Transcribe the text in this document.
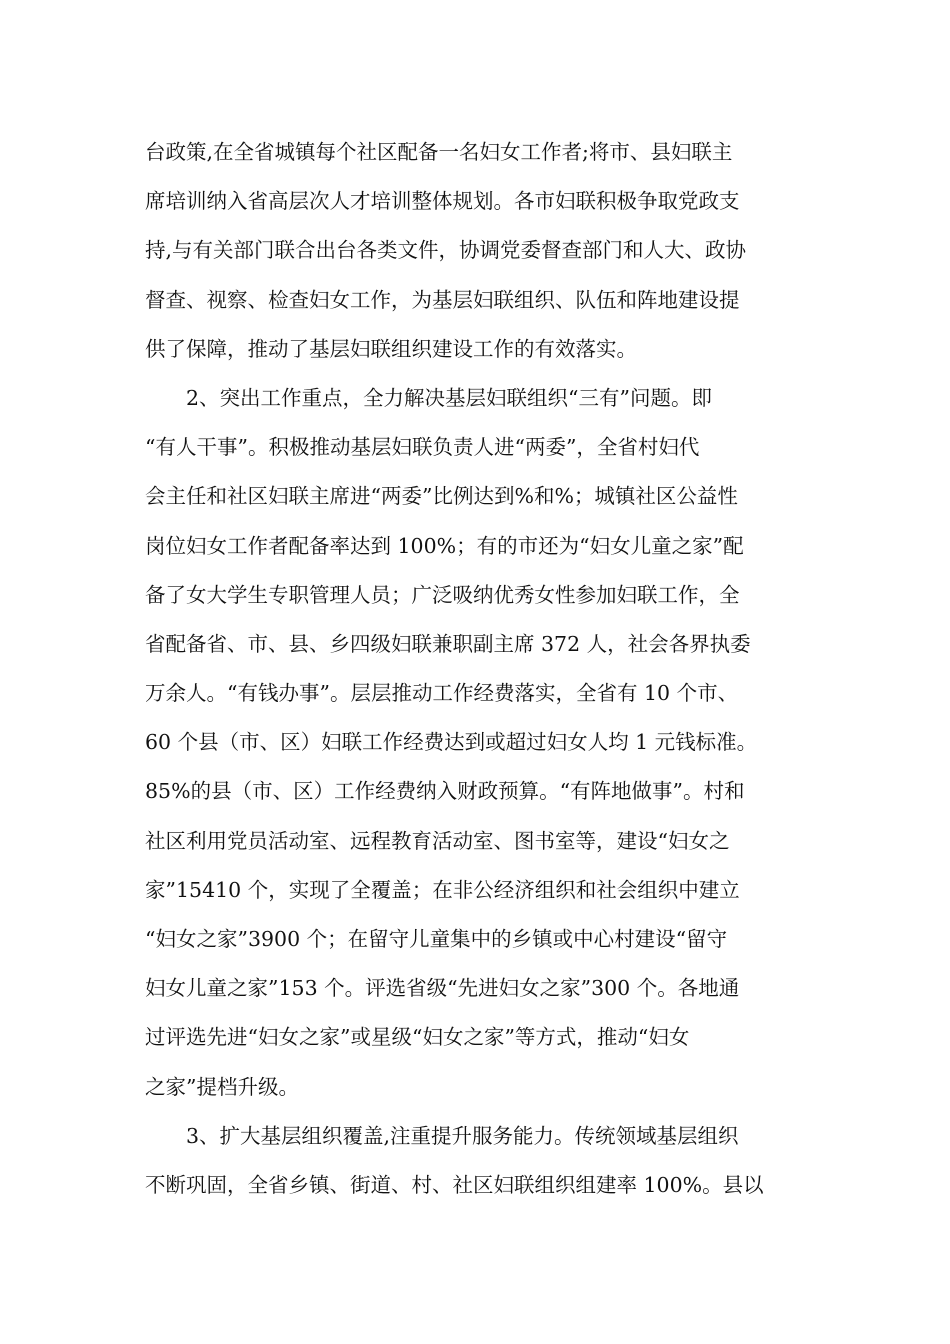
台政策,在全省城镇每个社区配备一名妇女工作者;将市、县妇联主
席培训纳入省高层次人才培训整体规划。各市妇联积极争取党政支
持,与有关部门联合出台各类文件，协调党委督查部门和人大、政协
督查、视察、检查妇女工作，为基层妇联组织、队伍和阵地建设提
供了保障，推动了基层妇联组织建设工作的有效落实。
　　2、突出工作重点，全力解决基层妇联组织“三有”问题。即
“有人干事”。积极推动基层妇联负责人进“两委”，全省村妇代
会主任和社区妇联主席进“两委”比例达到%和%；城镇社区公益性
岗位妇女工作者配备率达到 100%；有的市还为“妇女儿童之家”配
备了女大学生专职管理人员；广泛吸纳优秀女性参加妇联工作，全
省配备省、市、县、乡四级妇联兼职副主席 372 人，社会各界执委
万余人。“有钱办事”。层层推动工作经费落实，全省有 10 个市、
60 个县（市、区）妇联工作经费达到或超过妇女人均 1 元钱标准。
85%的县（市、区）工作经费纳入财政预算。“有阵地做事”。村和
社区利用党员活动室、远程教育活动室、图书室等，建设“妇女之
家”15410 个，实现了全覆盖；在非公经济组织和社会组织中建立
“妇女之家”3900 个；在留守儿童集中的乡镇或中心村建设“留守
妇女儿童之家”153 个。评选省级“先进妇女之家”300 个。各地通
过评选先进“妇女之家”或星级“妇女之家”等方式，推动“妇女
之家”提档升级。
　　3、扩大基层组织覆盖,注重提升服务能力。传统领域基层组织
不断巩固，全省乡镇、街道、村、社区妇联组织组建率 100%。县以
